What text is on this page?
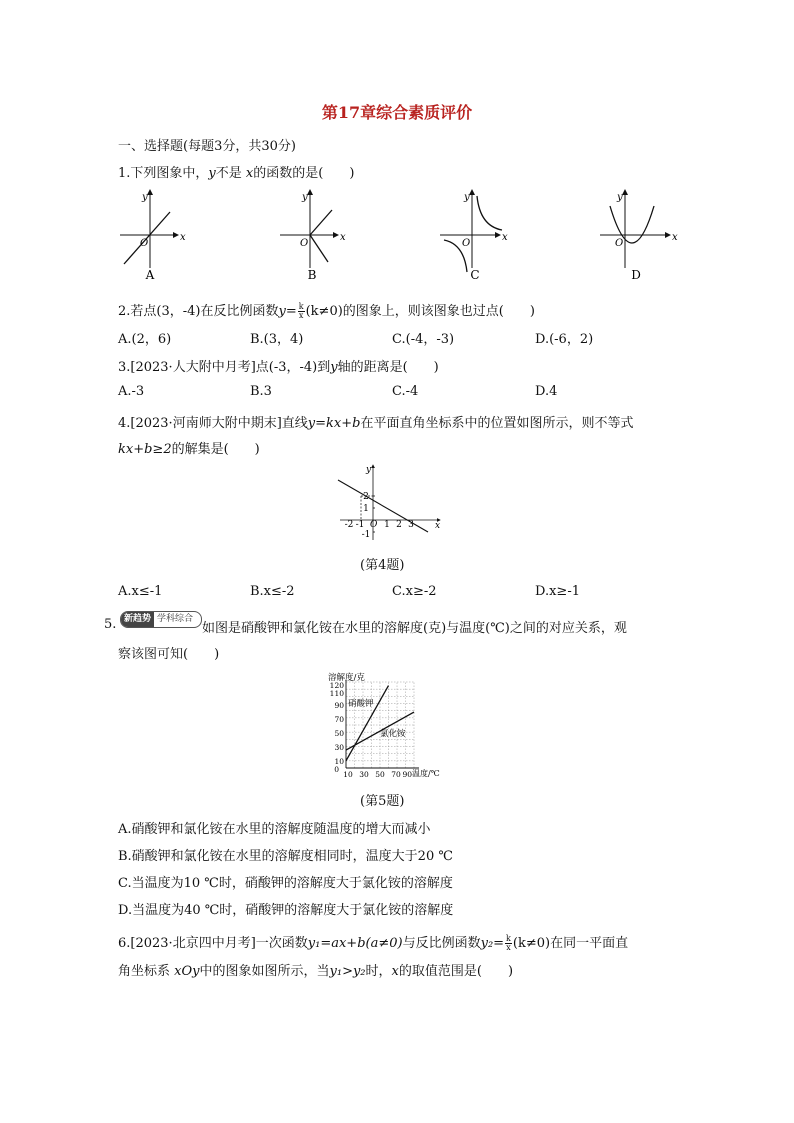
第17章综合素质评价
一、选择题(每题3分，共30分)
1.下列图象中，y不是 x的函数的是(　　)
y
x
O
A
y
x
O
B
y
x
O
C
y
x
O
D
2.若点(3，-4)在反比例函数$y= \frac{k}{x} (k\ne 0)$的图象上，则该图象也过点(　　)
A.(2，6)	B.(3，4)	C.(-4，-3)	D.(-6，2)
3.[2023·人大附中月考]点(-3，-4)到y轴的距离是(　　)
A.-3	B.3	C.-4	D.4
4.[2023·河南师大附中期末]直线y=kx+b在平面直角坐标系中的位置如图所示，则不等式
kx+b≥2的解集是(　　)
y
x
2
1
-1
-2 -1 O 1 2 3
(第4题)
A.x≤-1	B.x≤-2	C.x≥-2	D.x≥-1
5. 新趋势 学科综合
如图是硝酸钾和氯化铵在水里的溶解度(克)与温度(℃)之间的对应关系，观
察该图可知(　　)
溶解度/克
温度/℃
120
110
90
70
50
30
10
0
10 30 50 70 90
硝酸钾
氯化铵
(第5题)
A.硝酸钾和氯化铵在水里的溶解度随温度的增大而减小
B.硝酸钾和氯化铵在水里的溶解度相同时，温度大于20 ℃
C.当温度为10 ℃时，硝酸钾的溶解度大于氯化铵的溶解度
D.当温度为40 ℃时，硝酸钾的溶解度大于氯化铵的溶解度
6.[2023·北京四中月考]一次函数y₁=ax+b(a≠0)与反比例函数$y_2= \frac{k}{x} (k\ne 0)$在同一平面直
角坐标系 xOy中的图象如图所示，当y₁>y₂时，x的取值范围是(　　)
